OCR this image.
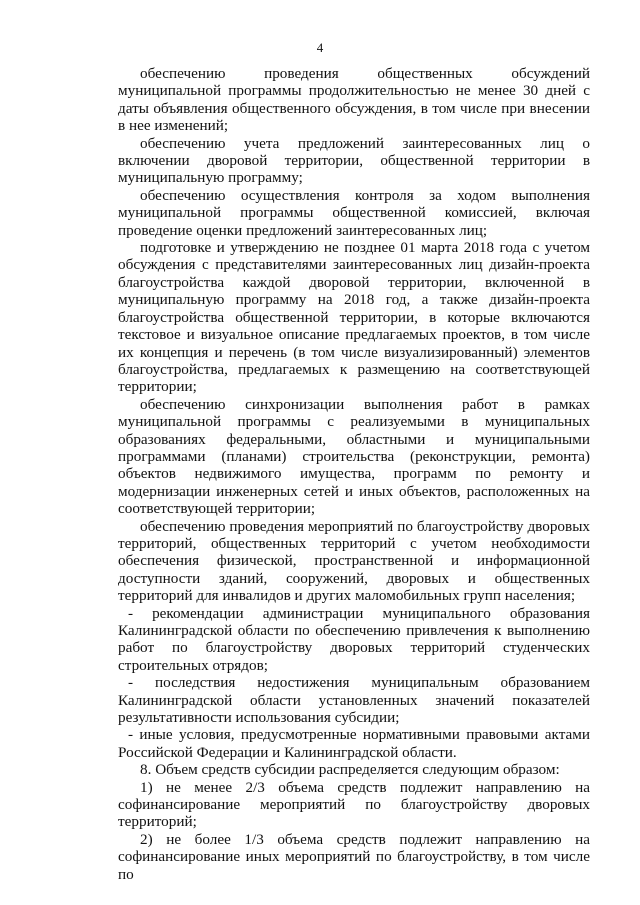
4

обеспечению проведения общественных обсуждений муниципальной программы продолжительностью не менее 30 дней с даты объявления общественного обсуждения, в том числе при внесении в нее изменений;

обеспечению учета предложений заинтересованных лиц о включении дворовой территории, общественной территории в муниципальную программу;

обеспечению осуществления контроля за ходом выполнения муниципальной программы общественной комиссией, включая проведение оценки предложений заинтересованных лиц;

подготовке и утверждению не позднее 01 марта 2018 года с учетом обсуждения с представителями заинтересованных лиц дизайн-проекта благоустройства каждой дворовой территории, включенной в муниципальную программу на 2018 год, а также дизайн-проекта благоустройства общественной территории, в которые включаются текстовое и визуальное описание предлагаемых проектов, в том числе их концепция и перечень (в том числе визуализированный) элементов благоустройства, предлагаемых к размещению на соответствующей территории;

обеспечению синхронизации выполнения работ в рамках муниципальной программы с реализуемыми в муниципальных образованиях федеральными, областными и муниципальными программами (планами) строительства (реконструкции, ремонта) объектов недвижимого имущества, программ по ремонту и модернизации инженерных сетей и иных объектов, расположенных на соответствующей территории;

обеспечению проведения мероприятий по благоустройству дворовых территорий, общественных территорий с учетом необходимости обеспечения физической, пространственной и информационной доступности зданий, сооружений, дворовых и общественных территорий для инвалидов и других маломобильных групп населения;

- рекомендации администрации муниципального образования Калининградской области по обеспечению привлечения к выполнению работ по благоустройству дворовых территорий студенческих строительных отрядов;

- последствия недостижения муниципальным образованием Калининградской области установленных значений показателей результативности использования субсидии;

- иные условия, предусмотренные нормативными правовыми актами Российской Федерации и Калининградской области.

8. Объем средств субсидии распределяется следующим образом:

1) не менее 2/3 объема средств подлежит направлению на софинансирование мероприятий по благоустройству дворовых территорий;

2) не более 1/3 объема средств подлежит направлению на софинансирование иных мероприятий по благоустройству, в том числе по
